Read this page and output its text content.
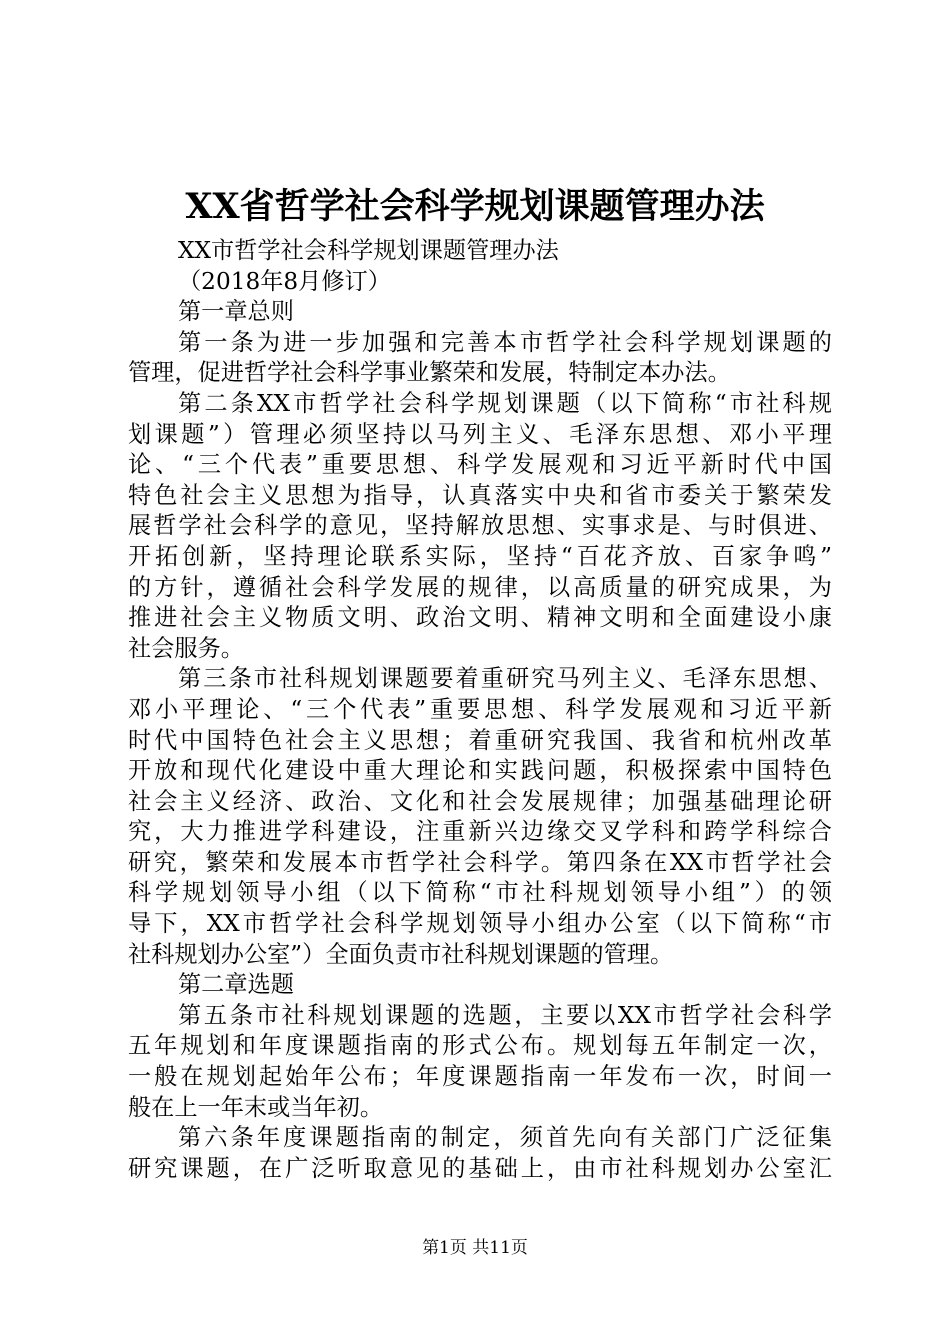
XX省哲学社会科学规划课题管理办法
XX市哲学社会科学规划课题管理办法
（2018年8月修订）
第一章总则
第一条为进一步加强和完善本市哲学社会科学规划课题的
管理，促进哲学社会科学事业繁荣和发展，特制定本办法。
第二条XX市哲学社会科学规划课题（以下简称“市社科规
划课题”）管理必须坚持以马列主义、毛泽东思想、邓小平理
论、“三个代表”重要思想、科学发展观和习近平新时代中国
特色社会主义思想为指导，认真落实中央和省市委关于繁荣发
展哲学社会科学的意见，坚持解放思想、实事求是、与时俱进、
开拓创新，坚持理论联系实际，坚持“百花齐放、百家争鸣”
的方针，遵循社会科学发展的规律，以高质量的研究成果，为
推进社会主义物质文明、政治文明、精神文明和全面建设小康
社会服务。
第三条市社科规划课题要着重研究马列主义、毛泽东思想、
邓小平理论、“三个代表”重要思想、科学发展观和习近平新
时代中国特色社会主义思想；着重研究我国、我省和杭州改革
开放和现代化建设中重大理论和实践问题，积极探索中国特色
社会主义经济、政治、文化和社会发展规律；加强基础理论研
究，大力推进学科建设，注重新兴边缘交叉学科和跨学科综合
研究，繁荣和发展本市哲学社会科学。第四条在XX市哲学社会
科学规划领导小组（以下简称“市社科规划领导小组”）的领
导下，XX市哲学社会科学规划领导小组办公室（以下简称“市
社科规划办公室”）全面负责市社科规划课题的管理。
第二章选题
第五条市社科规划课题的选题，主要以XX市哲学社会科学
五年规划和年度课题指南的形式公布。规划每五年制定一次，
一般在规划起始年公布；年度课题指南一年发布一次，时间一
般在上一年末或当年初。
第六条年度课题指南的制定，须首先向有关部门广泛征集
研究课题，在广泛听取意见的基础上，由市社科规划办公室汇
第1页 共11页
